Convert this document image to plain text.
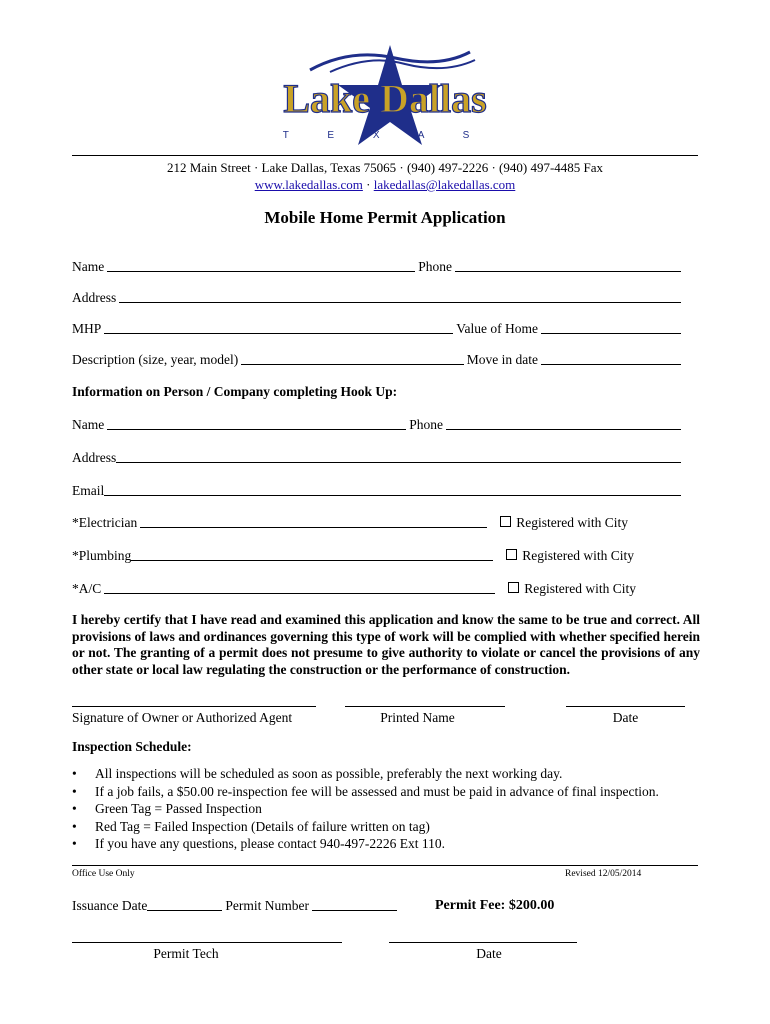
Lake Dallas
T E X A S
212 Main Street · Lake Dallas, Texas 75065 · (940) 497-2226 · (940) 497-4485 Fax
www.lakedallas.com · lakedallas@lakedallas.com
Mobile Home Permit Application
Name	Phone
Address
MHP	Value of Home
Description (size, year, model)	Move in date
Information on Person / Company completing Hook Up:
Name	Phone
Address
Email
*Electrician	Registered with City
*Plumbing	Registered with City
*A/C	Registered with City
I hereby certify that I have read and examined this application and know the same to be true and correct. All provisions of laws and ordinances governing this type of work will be complied with whether specified herein or not. The granting of a permit does not presume to give authority to violate or cancel the provisions of any other state or local law regulating the construction or the performance of construction.
Signature of Owner or Authorized Agent	Printed Name	Date
Inspection Schedule:
•	All inspections will be scheduled as soon as possible, preferably the next working day.
•	If a job fails, a $50.00 re-inspection fee will be assessed and must be paid in advance of final inspection.
•	Green Tag = Passed Inspection
•	Red Tag = Failed Inspection (Details of failure written on tag)
•	If you have any questions, please contact 940-497-2226 Ext 110.
Office Use Only	Revised 12/05/2014
Issuance Date	Permit Number	Permit Fee: $200.00
Permit Tech	Date
